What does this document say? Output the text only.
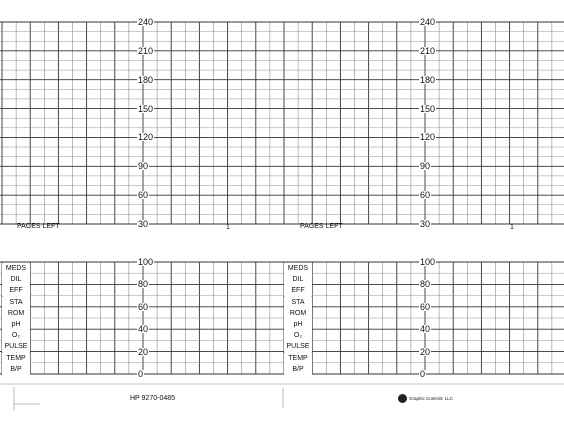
240
210
180
150
120
90
60
30
240
210
180
150
120
90
60
30
100
80
60
40
20
0
100
80
60
40
20
0
PAGES LEFT	1	PAGES LEFT	1
MEDS
DIL
EFF
STA
ROM
pH
O₂
PULSE
TEMP
B/P
MEDS
DIL
EFF
STA
ROM
pH
O₂
PULSE
TEMP
B/P
HP 9270-0485	Graphic Controls LLC
